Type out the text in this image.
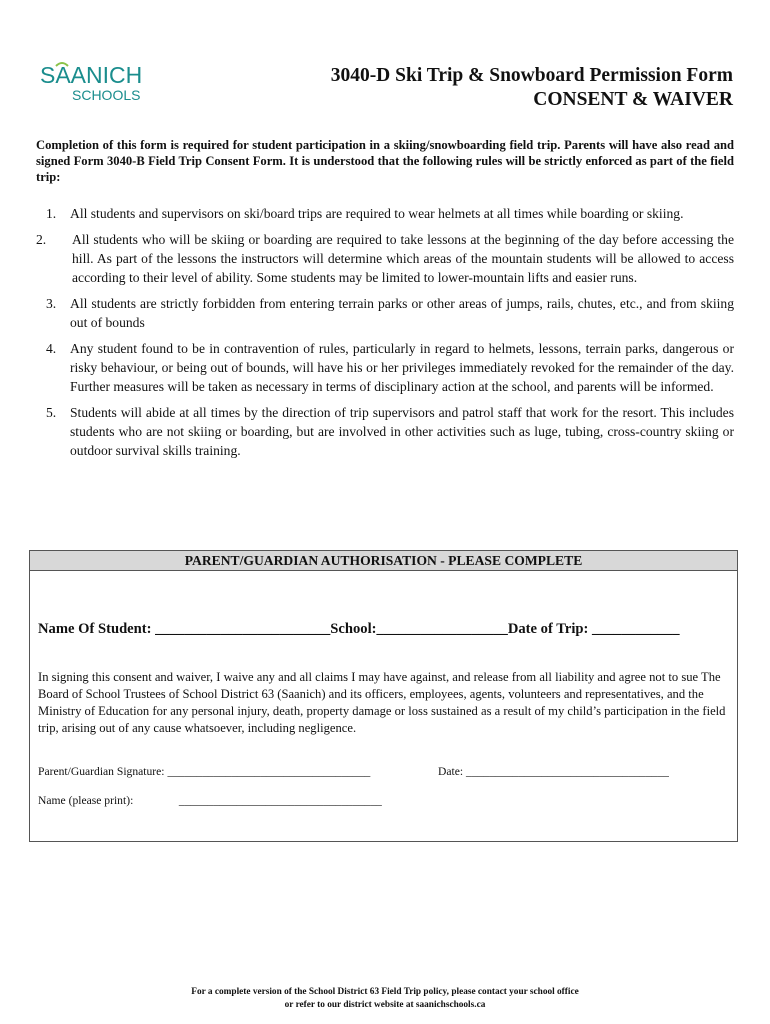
SAANICH
SCHOOLS
3040-D Ski Trip & Snowboard Permission Form
CONSENT & WAIVER
Completion of this form is required for student participation in a skiing/snowboarding field trip. Parents will have also read and signed Form 3040-B Field Trip Consent Form. It is understood that the following rules will be strictly enforced as part of the field trip:
1. All students and supervisors on ski/board trips are required to wear helmets at all times while boarding or skiing.
2. All students who will be skiing or boarding are required to take lessons at the beginning of the day before accessing the hill. As part of the lessons the instructors will determine which areas of the mountain students will be allowed to access according to their level of ability. Some students may be limited to lower-mountain lifts and easier runs.
3. All students are strictly forbidden from entering terrain parks or other areas of jumps, rails, chutes, etc., and from skiing out of bounds
4. Any student found to be in contravention of rules, particularly in regard to helmets, lessons, terrain parks, dangerous or risky behaviour, or being out of bounds, will have his or her privileges immediately revoked for the remainder of the day. Further measures will be taken as necessary in terms of disciplinary action at the school, and parents will be informed.
5. Students will abide at all times by the direction of trip supervisors and patrol staff that work for the resort. This includes students who are not skiing or boarding, but are involved in other activities such as luge, tubing, cross-country skiing or outdoor survival skills training.
PARENT/GUARDIAN AUTHORISATION - PLEASE COMPLETE
Name Of Student: ________________________School:__________________Date of Trip: ____________
In signing this consent and waiver, I waive any and all claims I may have against, and release from all liability and agree not to sue The Board of School Trustees of School District 63 (Saanich) and its officers, employees, agents, volunteers and representatives, and the Ministry of Education for any personal injury, death, property damage or loss sustained as a result of my child’s participation in the field trip, arising out of any cause whatsoever, including negligence.
Parent/Guardian Signature: ___________________________________	Date: ___________________________________
Name (please print):	___________________________________
For a complete version of the School District 63 Field Trip policy, please contact your school office
or refer to our district website at saanichschools.ca
